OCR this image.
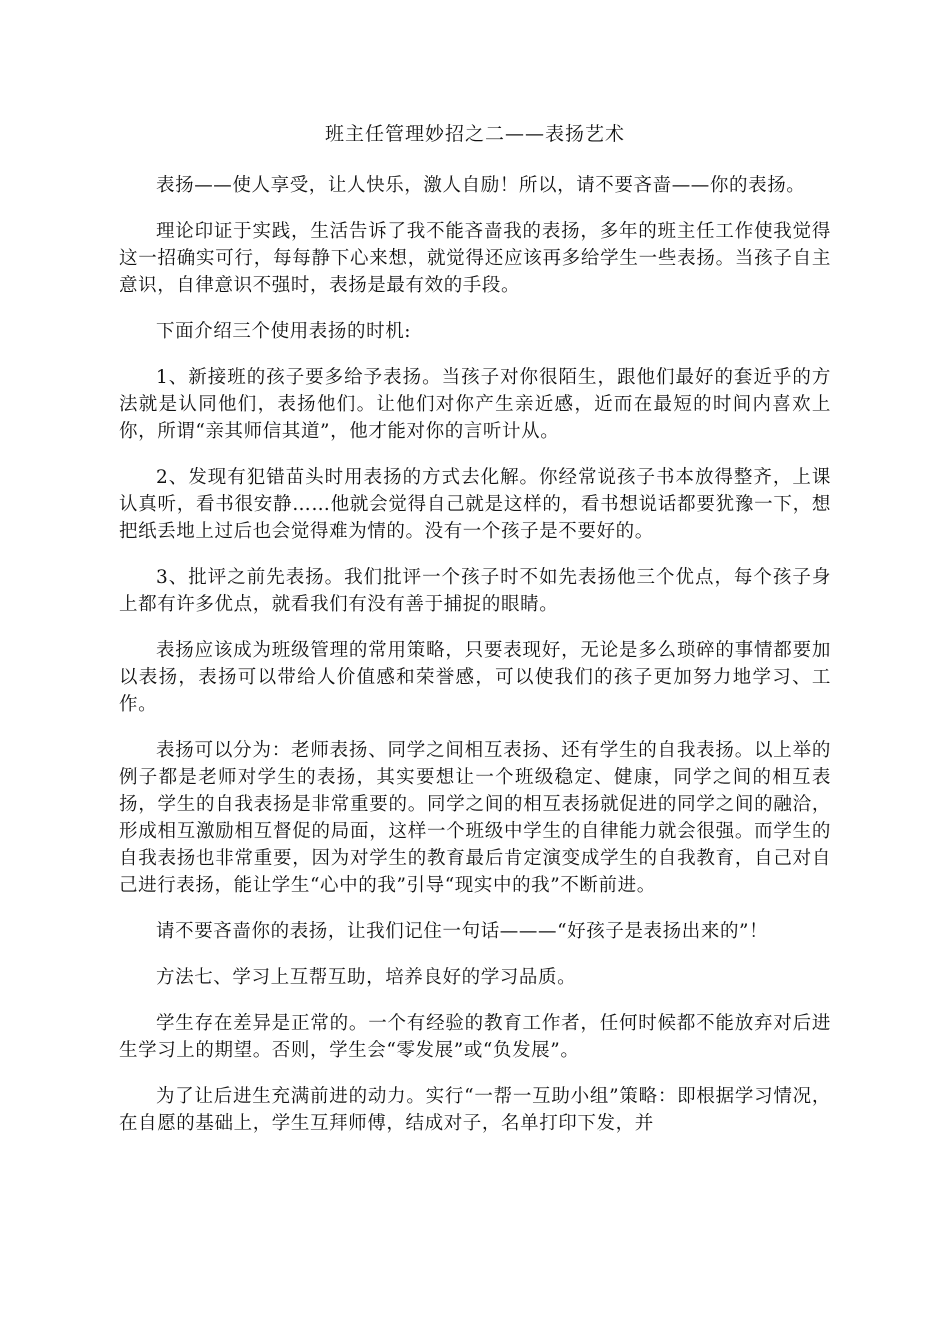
班主任管理妙招之二——表扬艺术

表扬——使人享受，让人快乐，激人自励！所以，请不要吝啬——你的表扬。

理论印证于实践，生活告诉了我不能吝啬我的表扬，多年的班主任工作使我觉得这一招确实可行，每每静下心来想，就觉得还应该再多给学生一些表扬。当孩子自主意识，自律意识不强时，表扬是最有效的手段。

下面介绍三个使用表扬的时机:

1、新接班的孩子要多给予表扬。当孩子对你很陌生，跟他们最好的套近乎的方法就是认同他们，表扬他们。让他们对你产生亲近感，近而在最短的时间内喜欢上你，所谓“亲其师信其道”，他才能对你的言听计从。

2、发现有犯错苗头时用表扬的方式去化解。你经常说孩子书本放得整齐，上课认真听，看书很安静……他就会觉得自己就是这样的，看书想说话都要犹豫一下，想把纸丢地上过后也会觉得难为情的。没有一个孩子是不要好的。

3、批评之前先表扬。我们批评一个孩子时不如先表扬他三个优点，每个孩子身上都有许多优点，就看我们有没有善于捕捉的眼睛。

表扬应该成为班级管理的常用策略，只要表现好，无论是多么琐碎的事情都要加以表扬，表扬可以带给人价值感和荣誉感，可以使我们的孩子更加努力地学习、工作。

表扬可以分为：老师表扬、同学之间相互表扬、还有学生的自我表扬。以上举的例子都是老师对学生的表扬，其实要想让一个班级稳定、健康，同学之间的相互表扬，学生的自我表扬是非常重要的。同学之间的相互表扬就促进的同学之间的融洽，形成相互激励相互督促的局面，这样一个班级中学生的自律能力就会很强。而学生的自我表扬也非常重要，因为对学生的教育最后肯定演变成学生的自我教育，自己对自己进行表扬，能让学生“心中的我”引导“现实中的我”不断前进。

请不要吝啬你的表扬，让我们记住一句话———“好孩子是表扬出来的”！

方法七、学习上互帮互助，培养良好的学习品质。

学生存在差异是正常的。一个有经验的教育工作者，任何时候都不能放弃对后进生学习上的期望。否则，学生会“零发展”或“负发展”。

为了让后进生充满前进的动力。实行“一帮一互助小组”策略：即根据学习情况，在自愿的基础上，学生互拜师傅，结成对子，名单打印下发，并
